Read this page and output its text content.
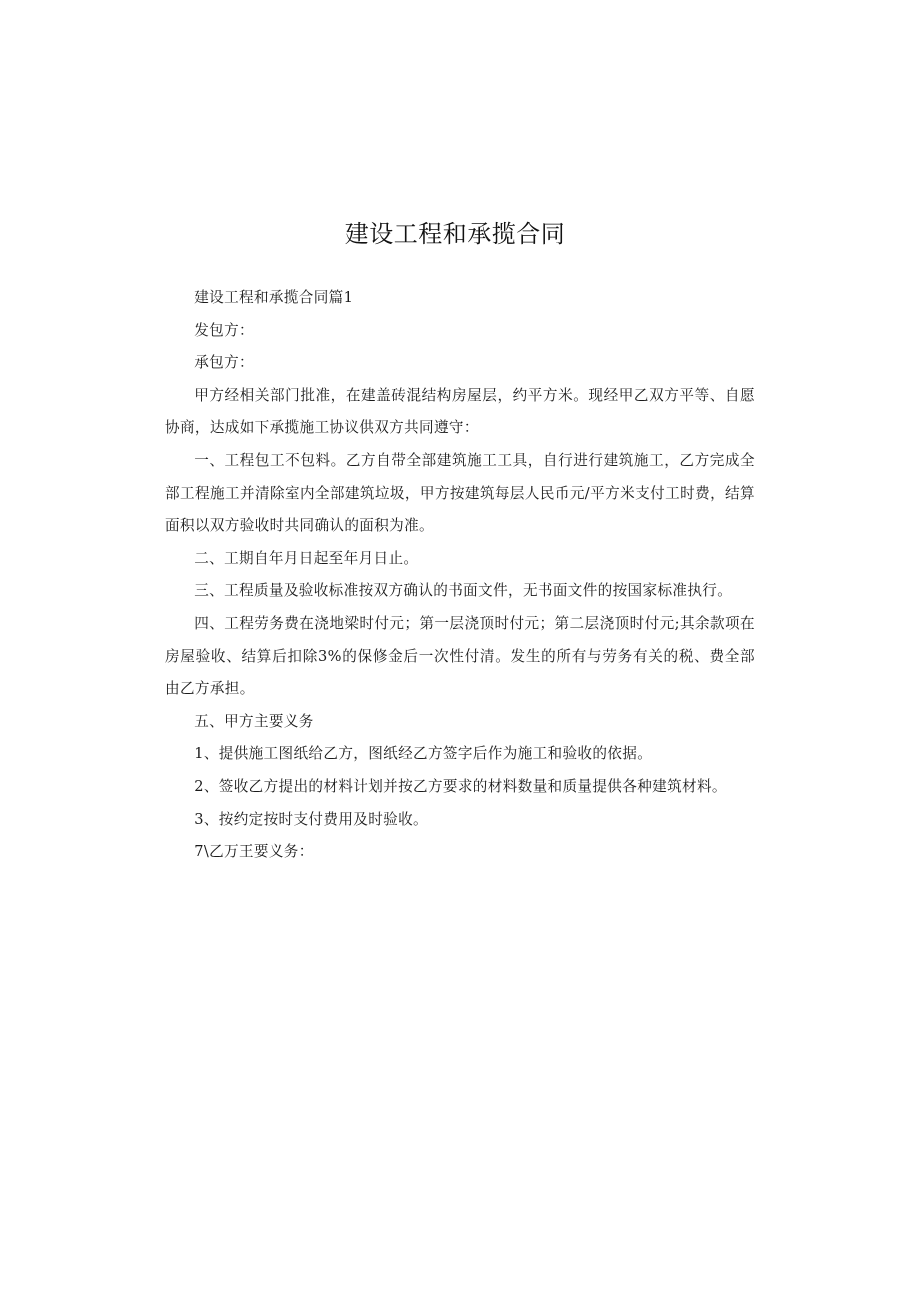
建设工程和承揽合同

建设工程和承揽合同篇1

发包方：

承包方：

甲方经相关部门批准，在建盖砖混结构房屋层，约平方米。现经甲乙双方平等、自愿协商，达成如下承揽施工协议供双方共同遵守：

一、工程包工不包料。乙方自带全部建筑施工工具，自行进行建筑施工，乙方完成全部工程施工并清除室内全部建筑垃圾，甲方按建筑每层人民币元/平方米支付工时费，结算面积以双方验收时共同确认的面积为准。

二、工期自年月日起至年月日止。

三、工程质量及验收标准按双方确认的书面文件，无书面文件的按国家标准执行。

四、工程劳务费在浇地梁时付元；第一层浇顶时付元；第二层浇顶时付元;其余款项在房屋验收、结算后扣除3%的保修金后一次性付清。发生的所有与劳务有关的税、费全部由乙方承担。

五、甲方主要义务

1、提供施工图纸给乙方，图纸经乙方签字后作为施工和验收的依据。

2、签收乙方提出的材料计划并按乙方要求的材料数量和质量提供各种建筑材料。

3、按约定按时支付费用及时验收。

7\乙万王要义务：
